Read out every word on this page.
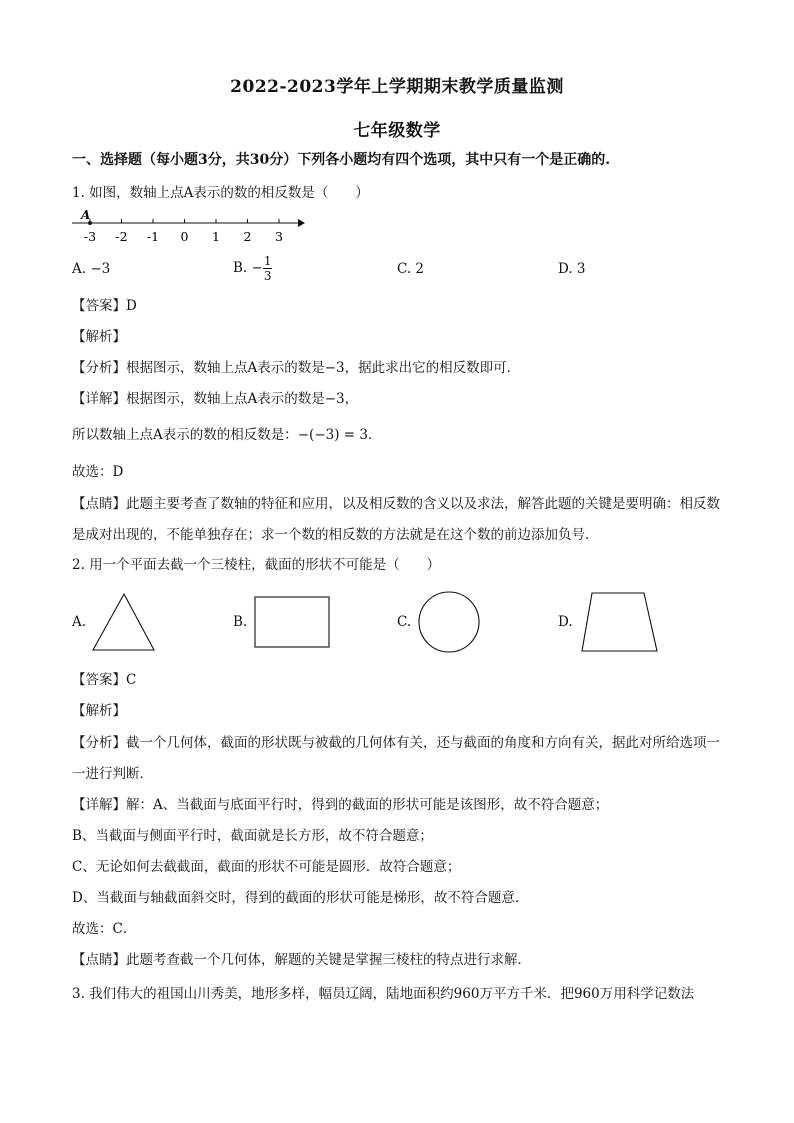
2022-2023学年上学期期末教学质量监测
七年级数学
一、选择题（每小题3分，共30分）下列各小题均有四个选项，其中只有一个是正确的.
1. 如图，数轴上点A表示的数的相反数是（　　）
-3 -2 -1 0 1 2 3
A
A. −3	B. − $\frac{1}{3}$	C. 2	D. 3
【答案】D
【解析】
【分析】根据图示，数轴上点A表示的数是−3，据此求出它的相反数即可．
【详解】根据图示，数轴上点A表示的数是−3，
所以数轴上点A表示的数的相反数是：−(−3) = 3．
故选：D
【点睛】此题主要考查了数轴的特征和应用，以及相反数的含义以及求法，解答此题的关键是要明确：相反数是成对出现的，不能单独存在；求一个数的相反数的方法就是在这个数的前边添加负号．
2. 用一个平面去截一个三棱柱，截面的形状不可能是（　　）
A.	B.	C.	D.
【答案】C
【解析】
【分析】截一个几何体，截面的形状既与被截的几何体有关，还与截面的角度和方向有关，据此对所给选项一一进行判断．
【详解】解：A、当截面与底面平行时，得到的截面的形状可能是该图形，故不符合题意；
B、当截面与侧面平行时，截面就是长方形，故不符合题意；
C、无论如何去截截面，截面的形状不可能是圆形．故符合题意；
D、当截面与轴截面斜交时，得到的截面的形状可能是梯形，故不符合题意．
故选：C．
【点睛】此题考查截一个几何体，解题的关键是掌握三棱柱的特点进行求解．
3. 我们伟大的祖国山川秀美，地形多样，幅员辽阔，陆地面积约960万平方千米．把960万用科学记数法
